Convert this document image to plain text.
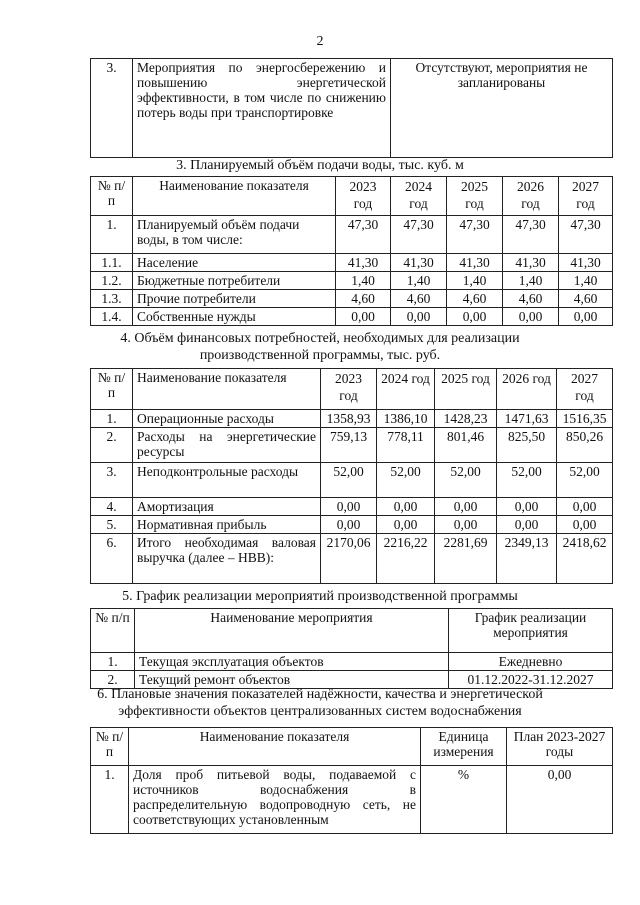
2
3.	Мероприятия по энергосбережению и повышению энергетической эффективности, в том числе по снижению потерь воды при транспортировке	Отсутствуют, мероприятия не запланированы
3. Планируемый объём подачи воды, тыс. куб. м
№ п/п	Наименование показателя	2023 год	2024 год	2025 год	2026 год	2027 год
1.	Планируемый объём подачи воды, в том числе:	47,30	47,30	47,30	47,30	47,30
1.1.	Население	41,30	41,30	41,30	41,30	41,30
1.2.	Бюджетные потребители	1,40	1,40	1,40	1,40	1,40
1.3.	Прочие потребители	4,60	4,60	4,60	4,60	4,60
1.4.	Собственные нужды	0,00	0,00	0,00	0,00	0,00
4. Объём финансовых потребностей, необходимых для реализации производственной программы, тыс. руб.
№ п/п	Наименование показателя	2023 год	2024 год	2025 год	2026 год	2027 год
1.	Операционные расходы	1358,93	1386,10	1428,23	1471,63	1516,35
2.	Расходы на энергетические ресурсы	759,13	778,11	801,46	825,50	850,26
3.	Неподконтрольные расходы	52,00	52,00	52,00	52,00	52,00
4.	Амортизация	0,00	0,00	0,00	0,00	0,00
5.	Нормативная прибыль	0,00	0,00	0,00	0,00	0,00
6.	Итого необходимая валовая выручка (далее – НВВ):	2170,06	2216,22	2281,69	2349,13	2418,62
5. График реализации мероприятий производственной программы
№ п/п	Наименование мероприятия	График реализации мероприятия
1.	Текущая эксплуатация объектов	Ежедневно
2.	Текущий ремонт объектов	01.12.2022-31.12.2027
6. Плановые значения показателей надёжности, качества и энергетической эффективности объектов централизованных систем водоснабжения
№ п/п	Наименование показателя	Единица измерения	План 2023-2027 годы
1.	Доля проб питьевой воды, подаваемой с источников водоснабжения в распределительную водопроводную сеть, не соответствующих установленным	%	0,00
